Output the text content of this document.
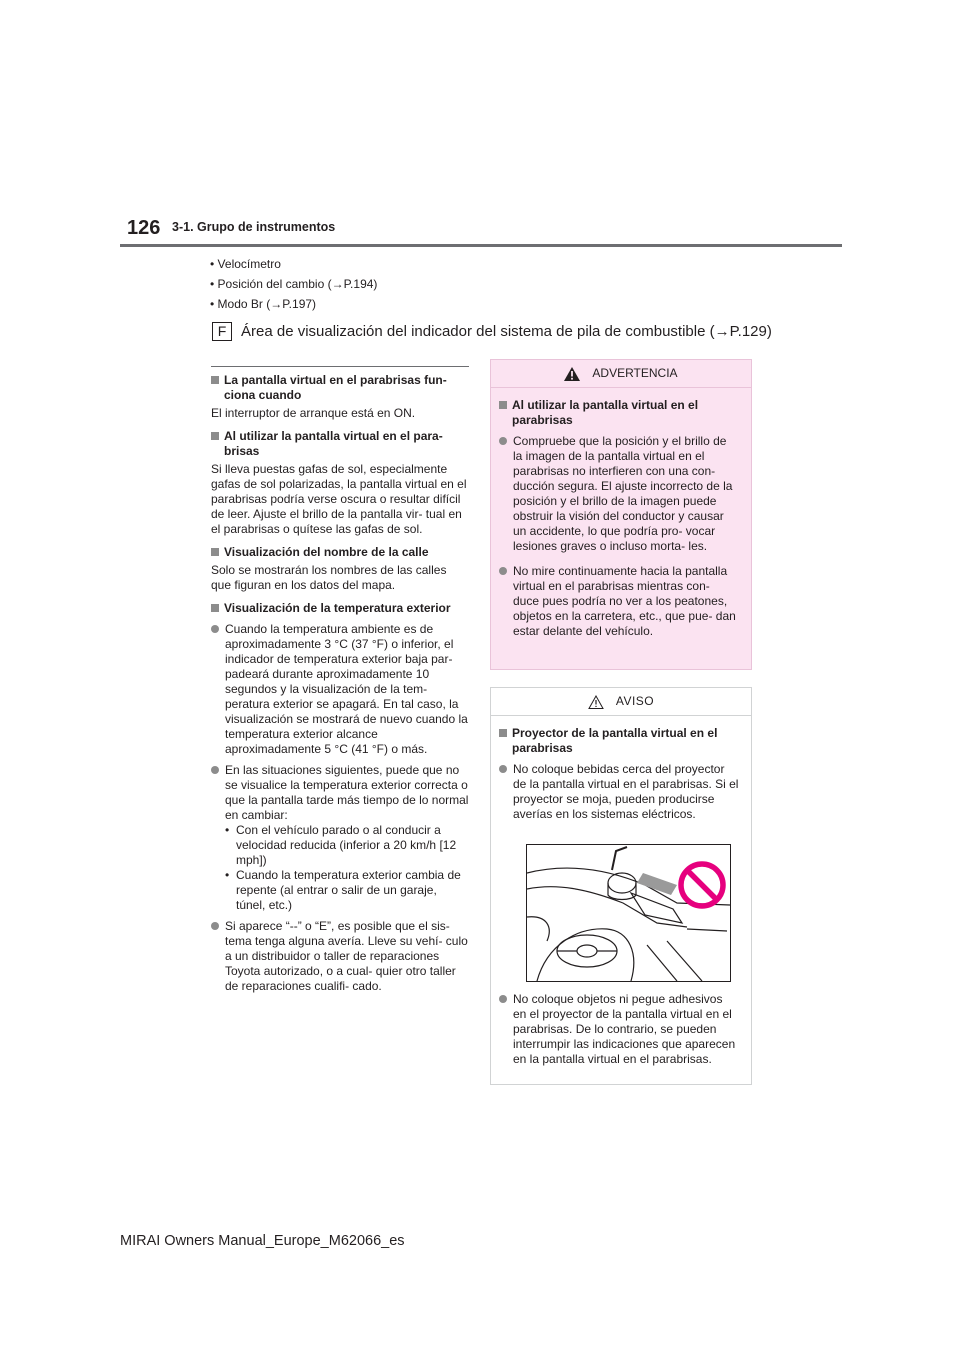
126 3-1. Grupo de instrumentos
• Velocímetro
• Posición del cambio (→P.194)
• Modo Br (→P.197)
F Área de visualización del indicador del sistema de pila de combustible (→P.129)
La pantalla virtual en el parabrisas fun- ciona cuando

El interruptor de arranque está en ON.

Al utilizar la pantalla virtual en el para- brisas

Si lleva puestas gafas de sol, especialmente gafas de sol polarizadas, la pantalla virtual en el parabrisas podría verse oscura o resultar difícil de leer. Ajuste el brillo de la pantalla vir- tual en el parabrisas o quítese las gafas de sol.

Visualización del nombre de la calle

Solo se mostrarán los nombres de las calles que figuran en los datos del mapa.

Visualización de la temperatura exterior
Cuando la temperatura ambiente es de aproximadamente 3 °C (37 °F) o inferior, el indicador de temperatura exterior baja par- padeará durante aproximadamente 10 segundos y la visualización de la tem- peratura exterior se apagará. En tal caso, la visualización se mostrará de nuevo cuando la temperatura exterior alcance aproximadamente 5 °C (41 °F) o más.
En las situaciones siguientes, puede que no se visualice la temperatura exterior correcta o que la pantalla tarde más tiempo de lo normal en cambiar:
• Con el vehículo parado o al conducir a velocidad reducida (inferior a 20 km/h [12 mph])
• Cuando la temperatura exterior cambia de repente (al entrar o salir de un garaje, túnel, etc.)
Si aparece “--” o “E”, es posible que el sis- tema tenga alguna avería. Lleve su vehí- culo a un distribuidor o taller de reparaciones Toyota autorizado, o a cual- quier otro taller de reparaciones cualifi- cado.
ADVERTENCIA
Al utilizar la pantalla virtual en el parabrisas
Compruebe que la posición y el brillo de la imagen de la pantalla virtual en el parabrisas no interfieren con una con- ducción segura. El ajuste incorrecto de la posición y el brillo de la imagen puede obstruir la visión del conductor y causar un accidente, lo que podría pro- vocar lesiones graves o incluso morta- les.
No mire continuamente hacia la pantalla virtual en el parabrisas mientras con- duce pues podría no ver a los peatones, objetos en la carretera, etc., que pue- dan estar delante del vehículo.
AVISO
Proyector de la pantalla virtual en el parabrisas
No coloque bebidas cerca del proyector de la pantalla virtual en el parabrisas. Si el proyector se moja, pueden producirse averías en los sistemas eléctricos.
No coloque objetos ni pegue adhesivos en el proyector de la pantalla virtual en el parabrisas. De lo contrario, se pueden interrumpir las indicaciones que aparecen en la pantalla virtual en el parabrisas.
MIRAI Owners Manual_Europe_M62066_es
